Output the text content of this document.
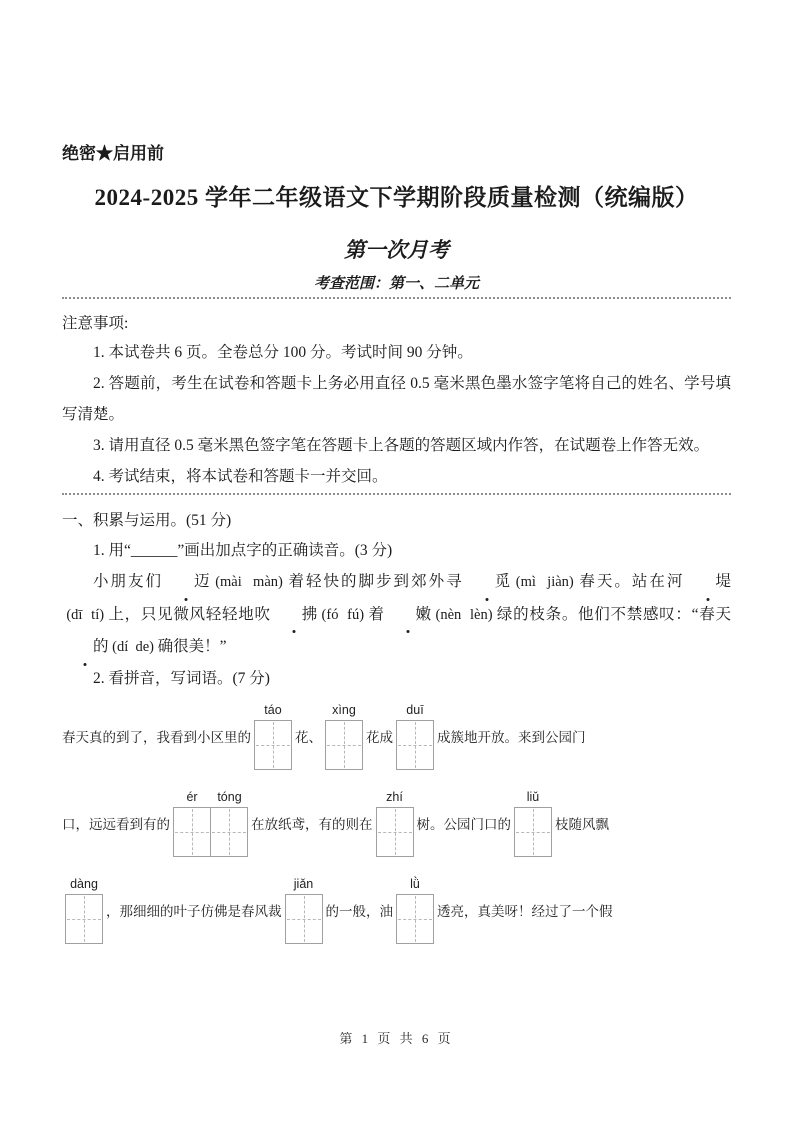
绝密★启用前
2024-2025 学年二年级语文下学期阶段质量检测（统编版）
第一次月考
考查范围：第一、二单元
注意事项:

1. 本试卷共 6 页。全卷总分 100 分。考试时间 90 分钟。

2. 答题前，考生在试卷和答题卡上务必用直径 0.5 毫米黑色墨水签字笔将自己的姓名、学号填写清楚。

3. 请用直径 0.5 毫米黑色签字笔在答题卡上各题的答题区域内作答，在试题卷上作答无效。

4. 考试结束，将本试卷和答题卡一并交回。

一、积累与运用。(51 分)

1. 用“______”画出加点字的正确读音。(3 分)

小朋友们 迈 (mài  màn) 着轻快的脚步到郊外寻 觅 (mì  jiàn) 春天。站在河 堤 (dī  tí) 上，只见微风轻轻地吹 拂 (fó  fú) 着 嫩 (nèn  lèn) 绿的枝条。他们不禁感叹：“春天的 (dí  de) 确很美！”

2. 看拼音，写词语。(7 分)

春天真的到了，我看到小区里的
táo
花、
xìng
花成
duī
成簇地开放。来到公园门
口，远远看到有的
ér tóng
在放纸鸢，有的则在
zhí
树。公园门口的
liǔ
枝随风飘
dàng
，那细细的叶子仿佛是春风裁
jiǎn
的一般，油
lǜ
透亮，真美呀！经过了一个假
第 1 页 共 6 页
